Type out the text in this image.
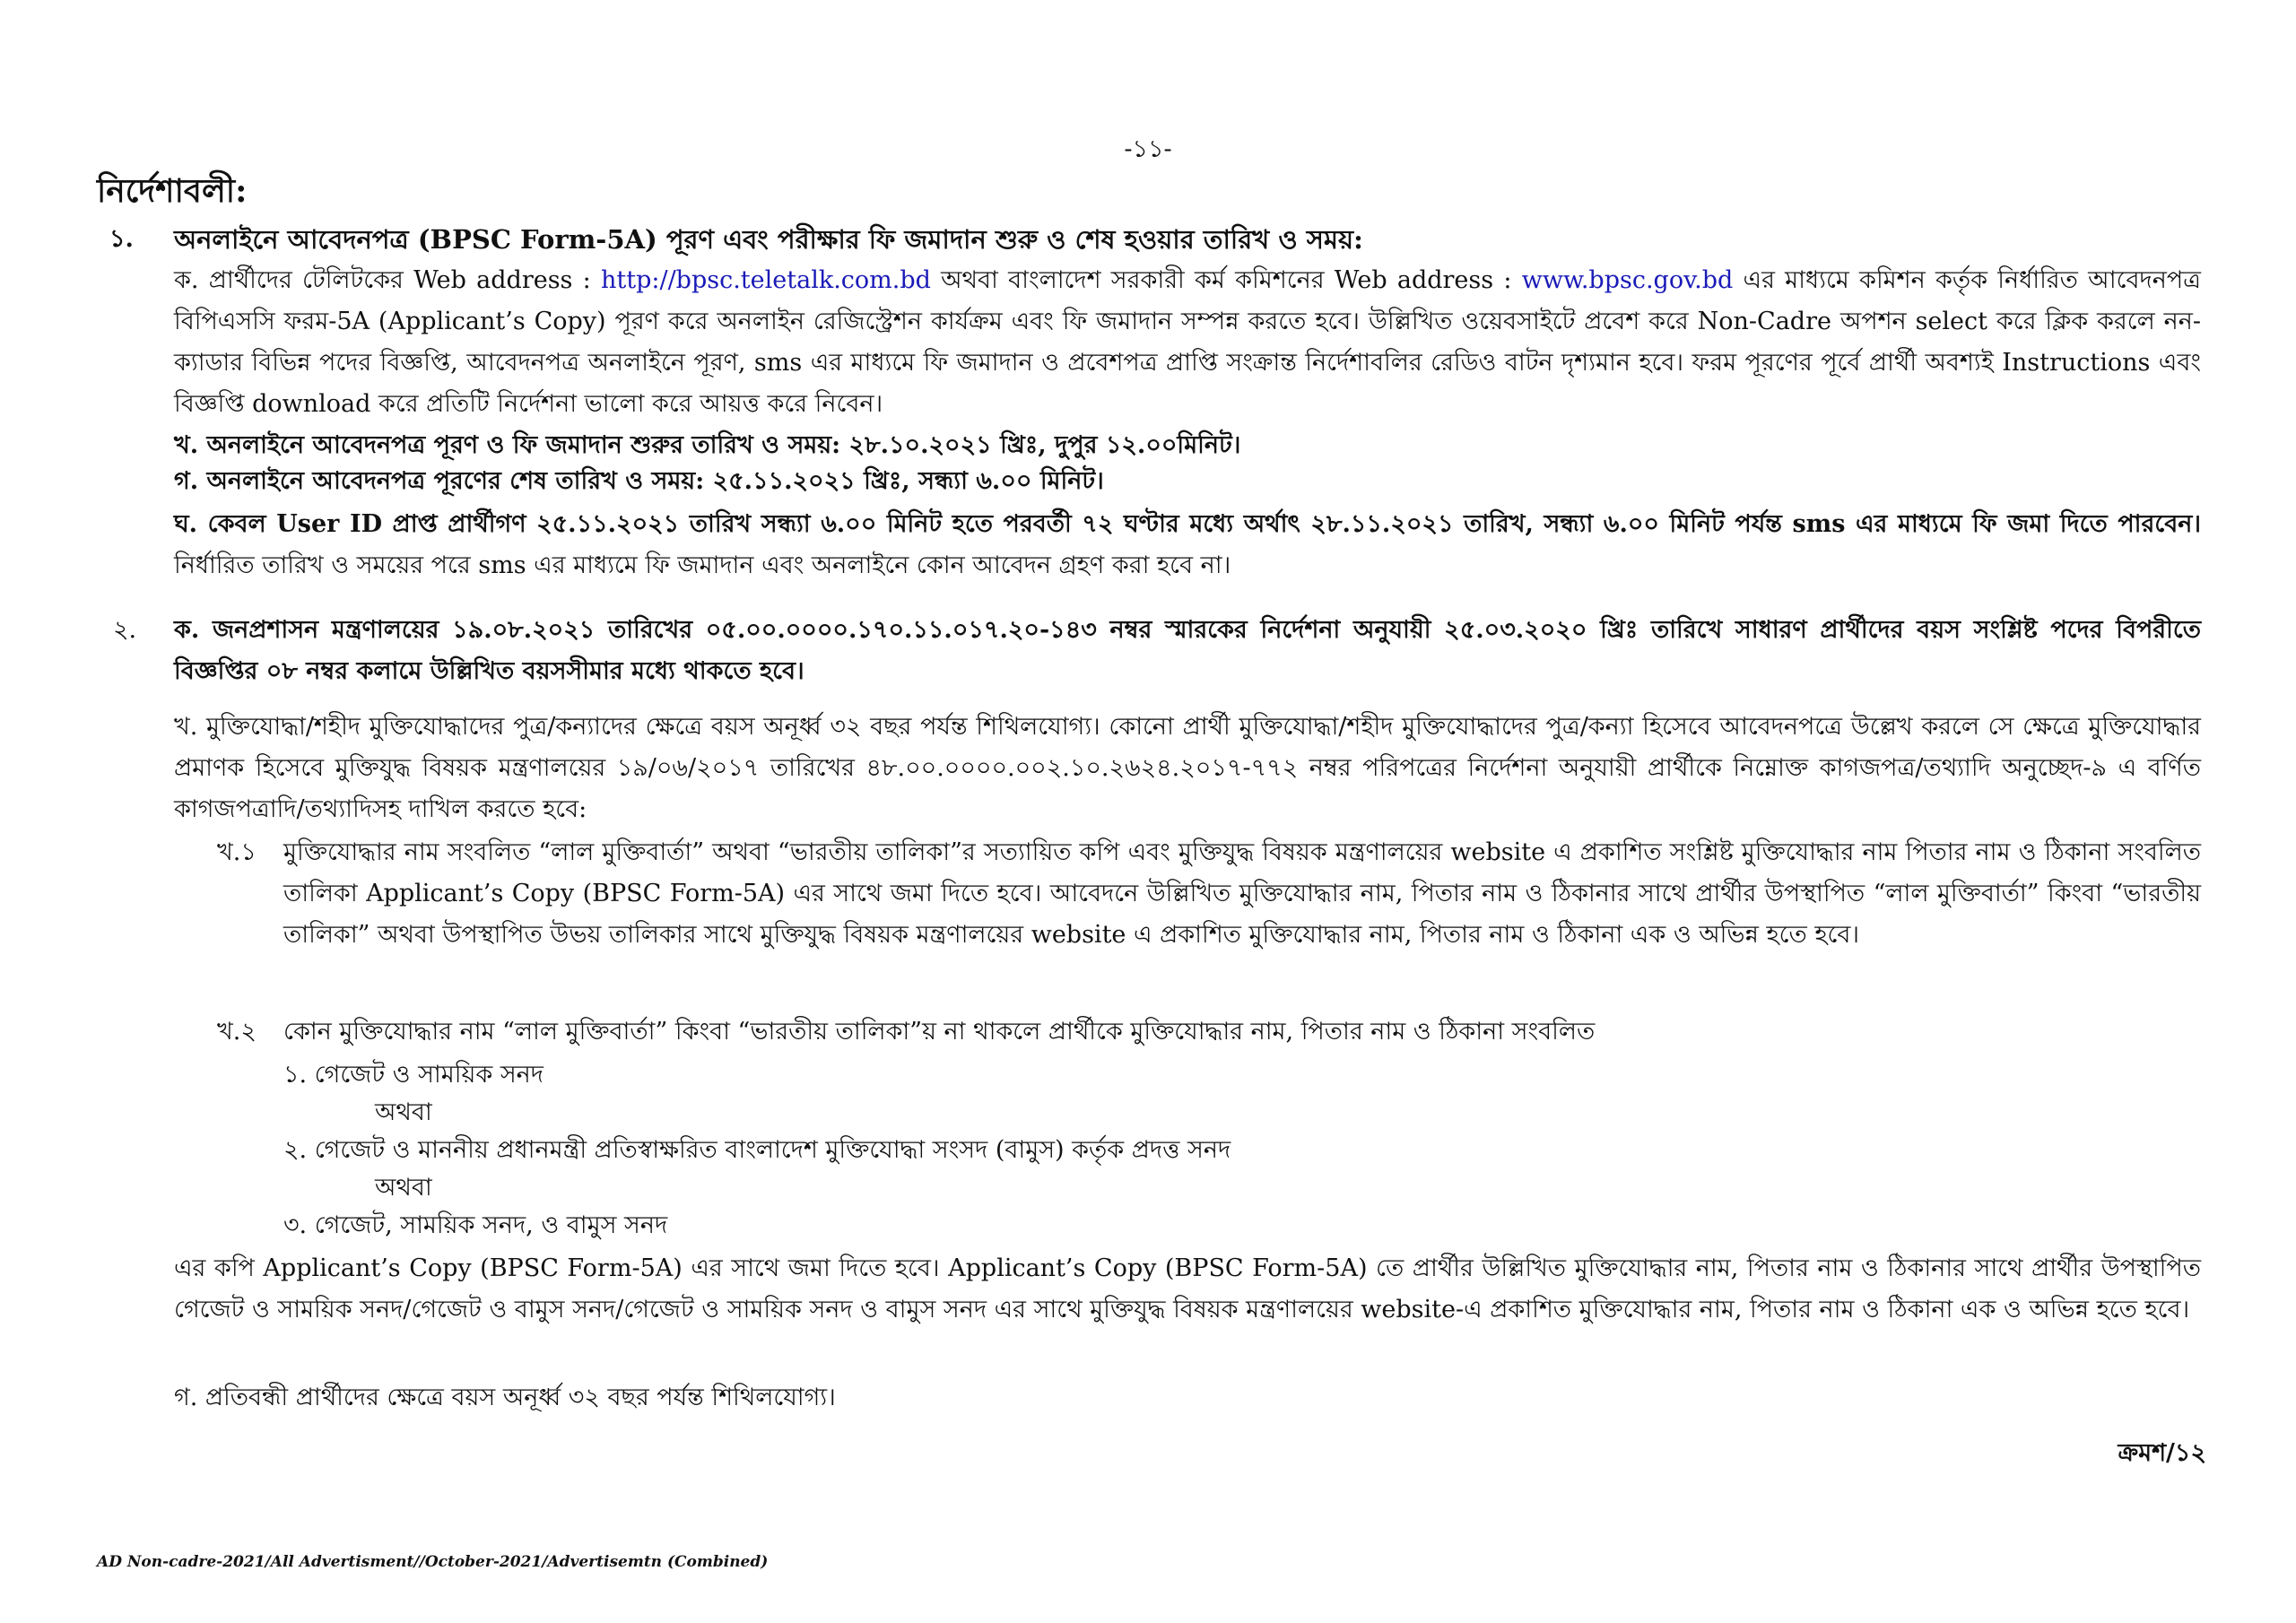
-১১-
নির্দেশাবলী:
১. অনলাইনে আবেদনপত্র (BPSC Form-5A) পূরণ এবং পরীক্ষার ফি জমাদান শুরু ও শেষ হওয়ার তারিখ ও সময়:
ক. প্রার্থীদের টেলিটকের Web address : http://bpsc.teletalk.com.bd অথবা বাংলাদেশ সরকারী কর্ম কমিশনের Web address : www.bpsc.gov.bd এর মাধ্যমে কমিশন কর্তৃক নির্ধারিত আবেদনপত্র বিপিএসসি ফরম-5A (Applicant’s Copy) পূরণ করে অনলাইন রেজিস্ট্রেশন কার্যক্রম এবং ফি জমাদান সম্পন্ন করতে হবে। উল্লিখিত ওয়েবসাইটে প্রবেশ করে Non-Cadre অপশন select করে ক্লিক করলে নন-ক্যাডার বিভিন্ন পদের বিজ্ঞপ্তি, আবেদনপত্র অনলাইনে পূরণ, sms এর মাধ্যমে ফি জমাদান ও প্রবেশপত্র প্রাপ্তি সংক্রান্ত নির্দেশাবলির রেডিও বাটন দৃশ্যমান হবে। ফরম পূরণের পূর্বে প্রার্থী অবশ্যই Instructions এবং বিজ্ঞপ্তি download করে প্রতিটি নির্দেশনা ভালো করে আয়ত্ত করে নিবেন।
খ. অনলাইনে আবেদনপত্র পূরণ ও ফি জমাদান শুরুর তারিখ ও সময়: ২৮.১০.২০২১ খ্রিঃ, দুপুর ১২.০০মিনিট।
গ. অনলাইনে আবেদনপত্র পূরণের শেষ তারিখ ও সময়: ২৫.১১.২০২১ খ্রিঃ, সন্ধ্যা ৬.০০ মিনিট।
ঘ. কেবল User ID প্রাপ্ত প্রার্থীগণ ২৫.১১.২০২১ তারিখ সন্ধ্যা ৬.০০ মিনিট হতে পরবর্তী ৭২ ঘণ্টার মধ্যে অর্থাৎ ২৮.১১.২০২১ তারিখ, সন্ধ্যা ৬.০০ মিনিট পর্যন্ত sms এর মাধ্যমে ফি জমা দিতে পারবেন। নির্ধারিত তারিখ ও সময়ের পরে sms এর মাধ্যমে ফি জমাদান এবং অনলাইনে কোন আবেদন গ্রহণ করা হবে না।
২. ক. জনপ্রশাসন মন্ত্রণালয়ের ১৯.০৮.২০২১ তারিখের ০৫.০০.০০০০.১৭০.১১.০১৭.২০-১৪৩ নম্বর স্মারকের নির্দেশনা অনুযায়ী ২৫.০৩.২০২০ খ্রিঃ তারিখে সাধারণ প্রার্থীদের বয়স সংশ্লিষ্ট পদের বিপরীতে বিজ্ঞপ্তির ০৮ নম্বর কলামে উল্লিখিত বয়সসীমার মধ্যে থাকতে হবে।
খ. মুক্তিযোদ্ধা/শহীদ মুক্তিযোদ্ধাদের পুত্র/কন্যাদের ক্ষেত্রে বয়স অনূর্ধ্ব ৩২ বছর পর্যন্ত শিথিলযোগ্য। কোনো প্রার্থী মুক্তিযোদ্ধা/শহীদ মুক্তিযোদ্ধাদের পুত্র/কন্যা হিসেবে আবেদনপত্রে উল্লেখ করলে সে ক্ষেত্রে মুক্তিযোদ্ধার প্রমাণক হিসেবে মুক্তিযুদ্ধ বিষয়ক মন্ত্রণালয়ের ১৯/০৬/২০১৭ তারিখের ৪৮.০০.০০০০.০০২.১০.২৬২৪.২০১৭-৭৭২ নম্বর পরিপত্রের নির্দেশনা অনুযায়ী প্রার্থীকে নিম্নোক্ত কাগজপত্র/তথ্যাদি অনুচ্ছেদ-৯ এ বর্ণিত কাগজপত্রাদি/তথ্যাদিসহ দাখিল করতে হবে:
খ.১ মুক্তিযোদ্ধার নাম সংবলিত “লাল মুক্তিবার্তা” অথবা “ভারতীয় তালিকা”র সত্যায়িত কপি এবং মুক্তিযুদ্ধ বিষয়ক মন্ত্রণালয়ের website এ প্রকাশিত সংশ্লিষ্ট মুক্তিযোদ্ধার নাম পিতার নাম ও ঠিকানা সংবলিত তালিকা Applicant’s Copy (BPSC Form-5A) এর সাথে জমা দিতে হবে। আবেদনে উল্লিখিত মুক্তিযোদ্ধার নাম, পিতার নাম ও ঠিকানার সাথে প্রার্থীর উপস্থাপিত “লাল মুক্তিবার্তা” কিংবা “ভারতীয় তালিকা” অথবা উপস্থাপিত উভয় তালিকার সাথে মুক্তিযুদ্ধ বিষয়ক মন্ত্রণালয়ের website এ প্রকাশিত মুক্তিযোদ্ধার নাম, পিতার নাম ও ঠিকানা এক ও অভিন্ন হতে হবে।
খ.২ কোন মুক্তিযোদ্ধার নাম “লাল মুক্তিবার্তা” কিংবা “ভারতীয় তালিকা”য় না থাকলে প্রার্থীকে মুক্তিযোদ্ধার নাম, পিতার নাম ও ঠিকানা সংবলিত
১. গেজেট ও সাময়িক সনদ
অথবা
২. গেজেট ও মাননীয় প্রধানমন্ত্রী প্রতিস্বাক্ষরিত বাংলাদেশ মুক্তিযোদ্ধা সংসদ (বামুস) কর্তৃক প্রদত্ত সনদ
অথবা
৩. গেজেট, সাময়িক সনদ, ও বামুস সনদ
এর কপি Applicant’s Copy (BPSC Form-5A) এর সাথে জমা দিতে হবে। Applicant’s Copy (BPSC Form-5A) তে প্রার্থীর উল্লিখিত মুক্তিযোদ্ধার নাম, পিতার নাম ও ঠিকানার সাথে প্রার্থীর উপস্থাপিত গেজেট ও সাময়িক সনদ/গেজেট ও বামুস সনদ/গেজেট ও সাময়িক সনদ ও বামুস সনদ এর সাথে মুক্তিযুদ্ধ বিষয়ক মন্ত্রণালয়ের website-এ প্রকাশিত মুক্তিযোদ্ধার নাম, পিতার নাম ও ঠিকানা এক ও অভিন্ন হতে হবে।
গ. প্রতিবন্ধী প্রার্থীদের ক্ষেত্রে বয়স অনূর্ধ্ব ৩২ বছর পর্যন্ত শিথিলযোগ্য।
ক্রমশ/১২
AD Non-cadre-2021/All Advertisment//October-2021/Advertisemtn (Combined)
